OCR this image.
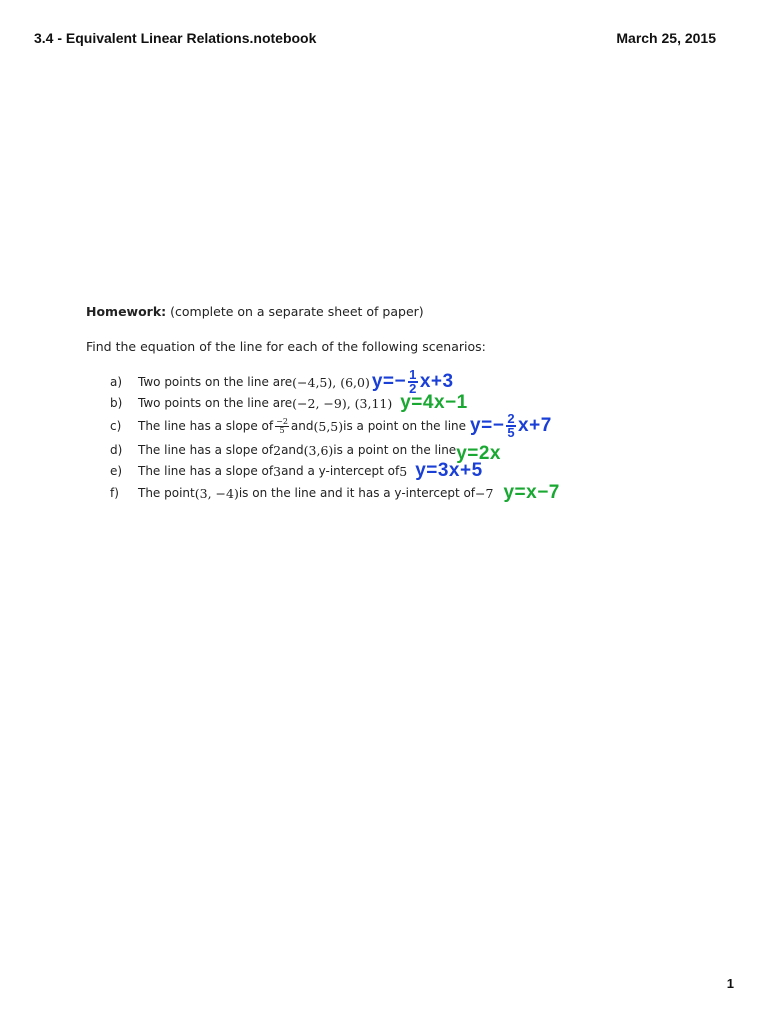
3.4 - Equivalent Linear Relations.notebook	March 25, 2015
Homework: (complete on a separate sheet of paper)
Find the equation of the line for each of the following scenarios:
a)	Two points on the line are (−4,5), (6,0) $y=- \frac{1}{2} x+3$
b)	Two points on the line are (−2, −9), (3,11) y=4x−1
c)	The line has a slope of $\frac{-2}{5}$ and (5,5) is a point on the line $y=- \frac{2}{5} x+7$
d)	The line has a slope of 2 and (3,6) is a point on the line y=2x
e)	The line has a slope of 3 and a y-intercept of 5 y=3x+5
f)	The point (3, −4) is on the line and it has a y-intercept of −7 y=x−7
1
